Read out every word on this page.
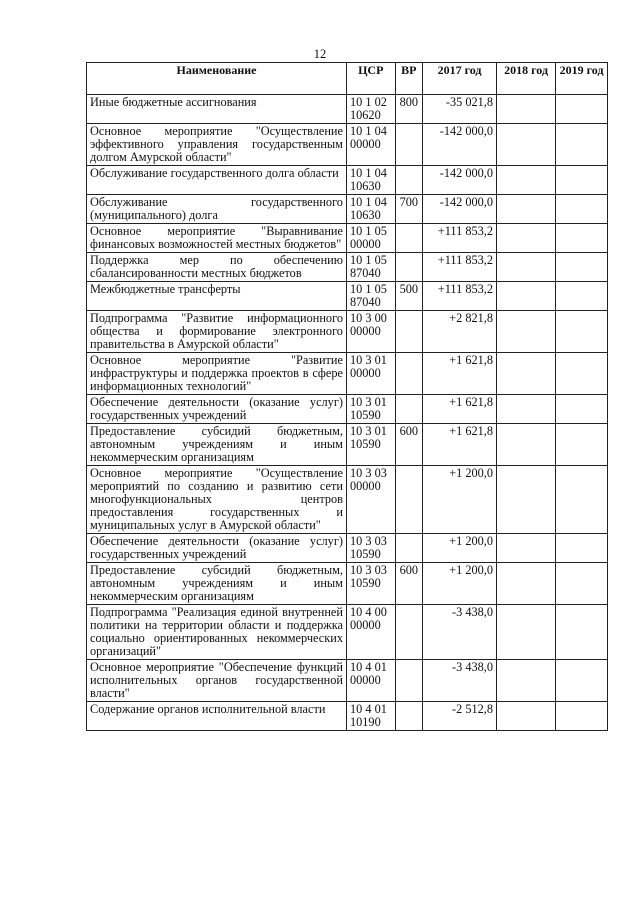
12
Наименование	ЦСР	ВР	2017 год	2018 год	2019 год
Иные бюджетные ассигнования	10 1 02 10620	800	-35 021,8		
Основное мероприятие "Осуществление эффективного управления государственным долгом Амурской области"	10 1 04 00000		-142 000,0		
Обслуживание государственного долга области	10 1 04 10630		-142 000,0		
Обслуживание государственного (муниципального) долга	10 1 04 10630	700	-142 000,0		
Основное мероприятие "Выравнивание финансовых возможностей местных бюджетов"	10 1 05 00000		+111 853,2		
Поддержка мер по обеспечению сбалансированности местных бюджетов	10 1 05 87040		+111 853,2		
Межбюджетные трансферты	10 1 05 87040	500	+111 853,2		
Подпрограмма "Развитие информационного общества и формирование электронного правительства в Амурской области"	10 3 00 00000		+2 821,8		
Основное мероприятие "Развитие инфраструктуры и поддержка проектов в сфере информационных технологий"	10 3 01 00000		+1 621,8		
Обеспечение деятельности (оказание услуг) государственных учреждений	10 3 01 10590		+1 621,8		
Предоставление субсидий бюджетным, автономным учреждениям и иным некоммерческим организациям	10 3 01 10590	600	+1 621,8		
Основное мероприятие "Осуществление мероприятий по созданию и развитию сети многофункциональных центров предоставления государственных и муниципальных услуг в Амурской области"	10 3 03 00000		+1 200,0		
Обеспечение деятельности (оказание услуг) государственных учреждений	10 3 03 10590		+1 200,0		
Предоставление субсидий бюджетным, автономным учреждениям и иным некоммерческим организациям	10 3 03 10590	600	+1 200,0		
Подпрограмма "Реализация единой внутренней политики на территории области и поддержка социально ориентированных некоммерческих организаций"	10 4 00 00000		-3 438,0		
Основное мероприятие "Обеспечение функций исполнительных органов государственной власти"	10 4 01 00000		-3 438,0		
Содержание органов исполнительной власти	10 4 01 10190		-2 512,8		
